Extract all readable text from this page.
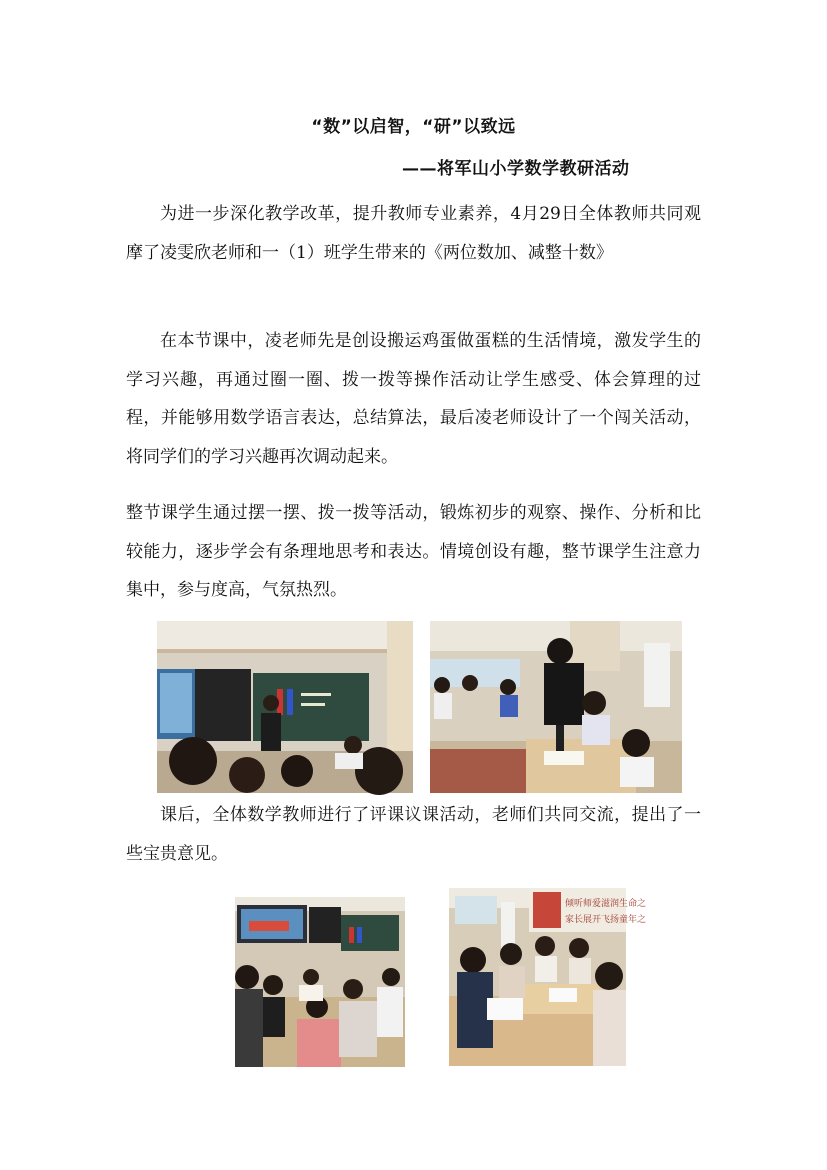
“数”以启智，“研”以致远
——将军山小学数学教研活动

为进一步深化教学改革，提升教师专业素养，4月29日全体教师共同观摩了凌雯欣老师和一（1）班学生带来的《两位数加、减整十数》

在本节课中，凌老师先是创设搬运鸡蛋做蛋糕的生活情境，激发学生的学习兴趣，再通过圈一圈、拨一拨等操作活动让学生感受、体会算理的过程，并能够用数学语言表达，总结算法，最后凌老师设计了一个闯关活动，将同学们的学习兴趣再次调动起来。

整节课学生通过摆一摆、拨一拨等活动，锻炼初步的观察、操作、分析和比较能力，逐步学会有条理地思考和表达。情境创设有趣，整节课学生注意力集中，参与度高，气氛热烈。

课后，全体数学教师进行了评课议课活动，老师们共同交流，提出了一些宝贵意见。

倾听师爱滋润生命之
家长展开飞扬童年之
